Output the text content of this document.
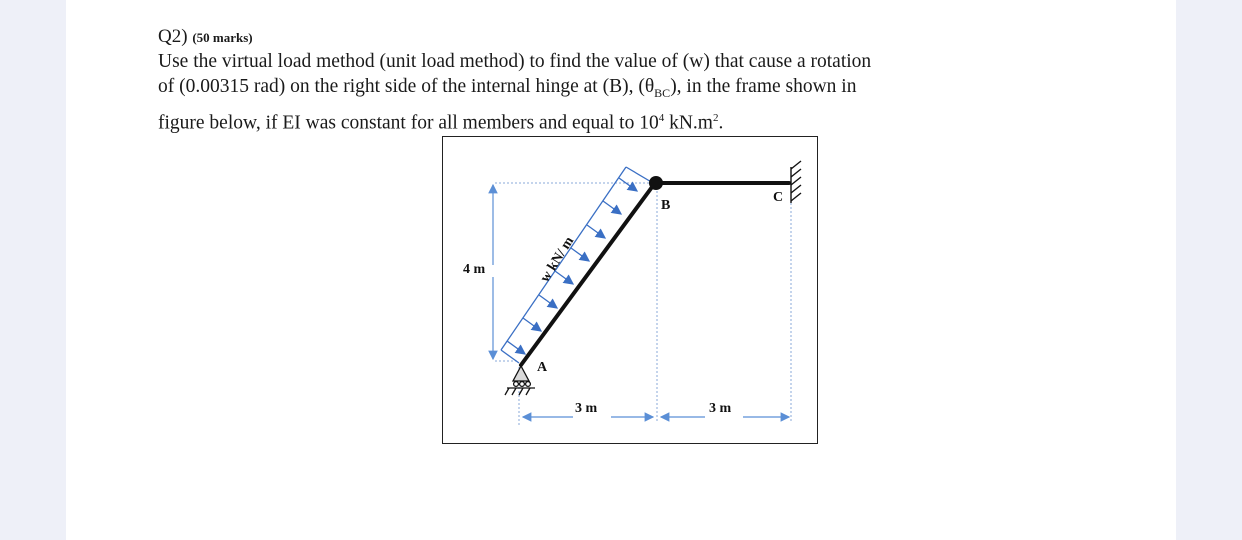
Q2) (50 marks)

Use the virtual load method (unit load method) to find the value of (w) that cause a rotation
of (0.00315 rad) on the right side of the internal hinge at (B), $(\theta_{BC})$, in the frame shown in
figure below, if EI was constant for all members and equal to $10^4$ $kN.m^2$.

4 m
3 m	3 m
w kN/ m
B
C
A
